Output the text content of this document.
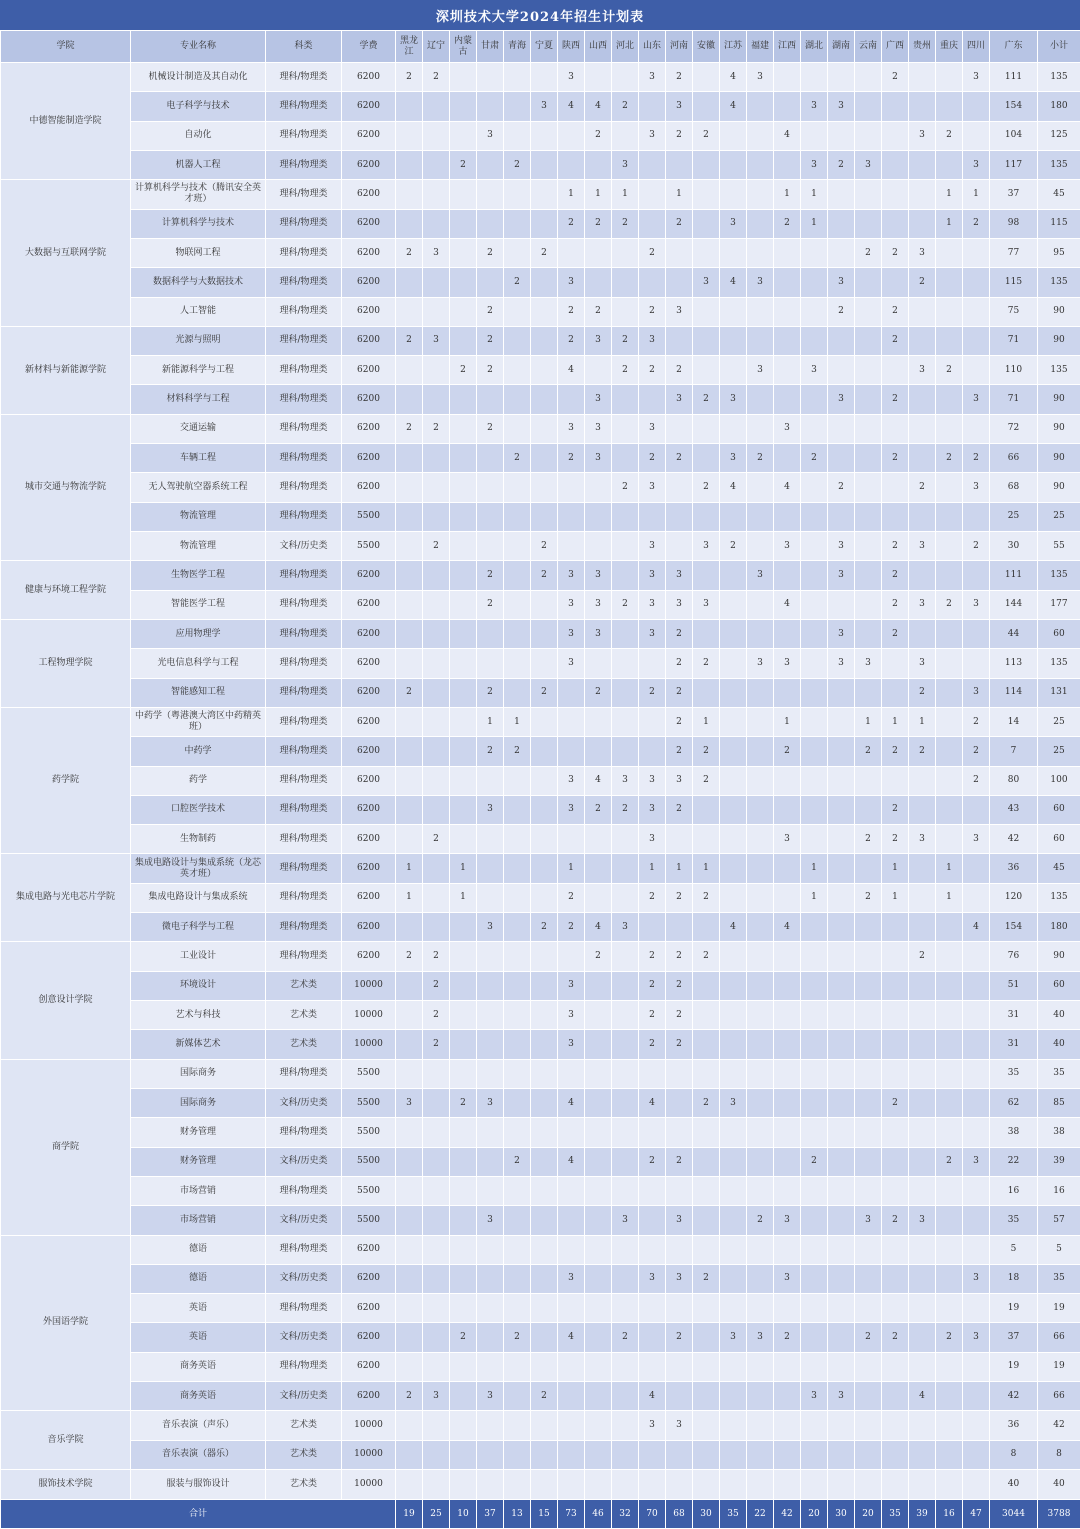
深圳技术大学2024年招生计划表
学院	专业名称	科类	学费	黑龙江	辽宁	内蒙古	甘肃	青海	宁夏	陕西	山西	河北	山东	河南	安徽	江苏	福建	江西	湖北	湖南	云南	广西	贵州	重庆	四川	广东	小计
中德智能制造学院	机械设计制造及其自动化	理科/物理类	6200	2	2					3			3	2		4	3					2			3	111	135
	电子科学与技术	理科/物理类	6200						3	4	4	2		3		4			3	3						154	180
	自动化	理科/物理类	6200				3				2		3	2	2			4					3	2		104	125
	机器人工程	理科/物理类	6200			2		2				3							3	2	3				3	117	135
大数据与互联网学院	计算机科学与技术（腾讯安全英才班）	理科/物理类	6200							1	1	1		1				1	1					1	1	37	45
	计算机科学与技术	理科/物理类	6200							2	2	2		2		3		2	1					1	2	98	115
	物联网工程	理科/物理类	6200	2	3		2		2				2								2	2	3			77	95
	数据科学与大数据技术	理科/物理类	6200					2		3					3	4	3			3			2			115	135
	人工智能	理科/物理类	6200				2			2	2		2	3						2		2				75	90
新材料与新能源学院	光源与照明	理科/物理类	6200	2	3		2			2	3	2	3									2				71	90
	新能源科学与工程	理科/物理类	6200			2	2			4		2	2	2			3		3				3	2		110	135
	材料科学与工程	理科/物理类	6200								3			3	2	3				3		2			3	71	90
城市交通与物流学院	交通运输	理科/物理类	6200	2	2		2			3	3		3					3								72	90
	车辆工程	理科/物理类	6200					2		2	3		2	2		3	2		2			2		2	2	66	90
	无人驾驶航空器系统工程	理科/物理类	6200									2	3		2	4		4		2			2		3	68	90
	物流管理	理科/物理类	5500																							25	25
	物流管理	文科/历史类	5500		2				2				3		3	2		3		3		2	3		2	30	55
健康与环境工程学院	生物医学工程	理科/物理类	6200				2		2	3	3		3	3			3			3		2				111	135
	智能医学工程	理科/物理类	6200				2			3	3	2	3	3	3			4				2	3	2	3	144	177
工程物理学院	应用物理学	理科/物理类	6200							3	3		3	2						3		2				44	60
	光电信息科学与工程	理科/物理类	6200							3				2	2		3	3		3	3		3			113	135
	智能感知工程	理科/物理类	6200	2			2		2		2		2	2									2		3	114	131
药学院	中药学（粤港澳大湾区中药精英班）	理科/物理类	6200				1	1						2	1			1			1	1	1		2	14	25
	中药学	理科/物理类	6200				2	2						2	2			2			2	2	2		2	7	25
	药学	理科/物理类	6200							3	4	3	3	3	2										2	80	100
	口腔医学技术	理科/物理类	6200				3			3	2	2	3	2								2				43	60
	生物制药	理科/物理类	6200		2								3					3			2	2	3		3	42	60
集成电路与光电芯片学院	集成电路设计与集成系统（龙芯英才班）	理科/物理类	6200	1		1				1			1	1	1				1			1		1		36	45
	集成电路设计与集成系统	理科/物理类	6200	1		1				2			2	2	2				1		2	1		1		120	135
	微电子科学与工程	理科/物理类	6200				3		2	2	4	3				4		4							4	154	180
创意设计学院	工业设计	理科/物理类	6200	2	2						2		2	2	2								2			76	90
	环境设计	艺术类	10000		2					3			2	2												51	60
	艺术与科技	艺术类	10000		2					3			2	2												31	40
	新媒体艺术	艺术类	10000		2					3			2	2												31	40
商学院	国际商务	理科/物理类	5500																							35	35
	国际商务	文科/历史类	5500	3		2	3			4			4		2	3						2				62	85
	财务管理	理科/物理类	5500																							38	38
	财务管理	文科/历史类	5500					2		4			2	2					2					2	3	22	39
	市场营销	理科/物理类	5500																							16	16
	市场营销	文科/历史类	5500				3					3		3			2	3			3	2	3			35	57
外国语学院	德语	理科/物理类	6200																							5	5
	德语	文科/历史类	6200							3			3	3	2			3							3	18	35
	英语	理科/物理类	6200																							19	19
	英语	文科/历史类	6200			2		2		4		2		2		3	3	2			2	2		2	3	37	66
	商务英语	理科/物理类	6200																							19	19
	商务英语	文科/历史类	6200	2	3		3		2				4						3	3			4			42	66
音乐学院	音乐表演（声乐）	艺术类	10000										3	3												36	42
	音乐表演（器乐）	艺术类	10000																							8	8
服饰技术学院	服装与服饰设计	艺术类	10000																							40	40
合计				19	25	10	37	13	15	73	46	32	70	68	30	35	22	42	20	30	20	35	39	16	47	3044	3788
